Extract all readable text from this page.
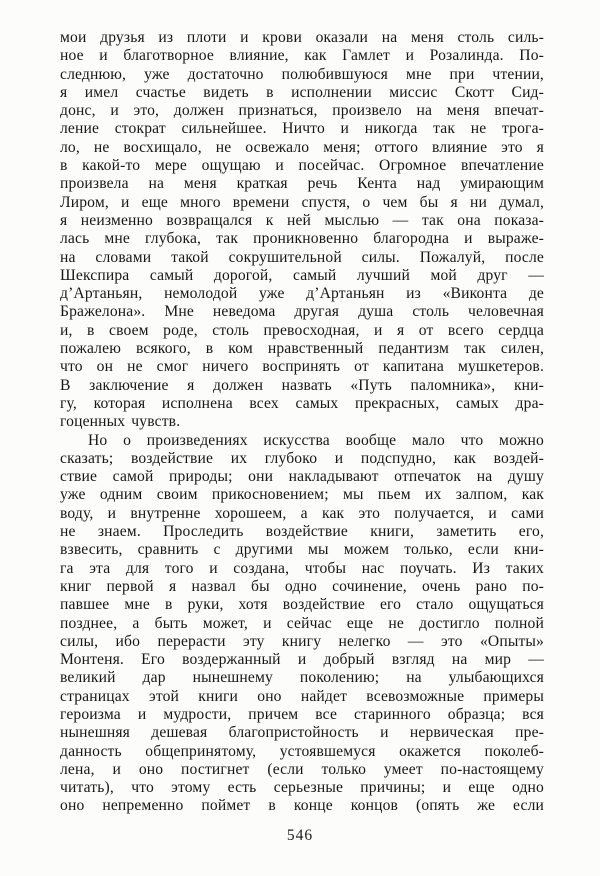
мои друзья из плоти и крови оказали на меня столь силь-
ное и благотворное влияние, как Гамлет и Розалинда. По-
следнюю, уже достаточно полюбившуюся мне при чтении,
я имел счастье видеть в исполнении миссис Скотт Сид-
донс, и это, должен признаться, произвело на меня впечат-
ление стократ сильнейшее. Ничто и никогда так не трога-
ло, не восхищало, не освежало меня; оттого влияние это я
в какой-то мере ощущаю и посейчас. Огромное впечатление
произвела на меня краткая речь Кента над умирающим
Лиром, и еще много времени спустя, о чем бы я ни думал,
я неизменно возвращался к ней мыслью — так она показа-
лась мне глубока, так проникновенно благородна и выраже-
на словами такой сокрушительной силы. Пожалуй, после
Шекспира самый дорогой, самый лучший мой друг —
д’Артаньян, немолодой уже д’Артаньян из «Виконта де
Бражелона». Мне неведома другая душа столь человечная
и, в своем роде, столь превосходная, и я от всего сердца
пожалею всякого, в ком нравственный педантизм так силен,
что он не смог ничего воспринять от капитана мушкетеров.
В заключение я должен назвать «Путь паломника», кни-
гу, которая исполнена всех самых прекрасных, самых дра-
гоценных чувств.
Но о произведениях искусства вообще мало что можно
сказать; воздействие их глубоко и подспудно, как воздей-
ствие самой природы; они накладывают отпечаток на душу
уже одним своим прикосновением; мы пьем их залпом, как
воду, и внутренне хорошеем, а как это получается, и сами
не знаем. Проследить воздействие книги, заметить его,
взвесить, сравнить с другими мы можем только, если кни-
га эта для того и создана, чтобы нас поучать. Из таких
книг первой я назвал бы одно сочинение, очень рано по-
павшее мне в руки, хотя воздействие его стало ощущаться
позднее, а быть может, и сейчас еще не достигло полной
силы, ибо перерасти эту книгу нелегко — это «Опыты»
Монтеня. Его воздержанный и добрый взгляд на мир —
великий дар нынешнему поколению; на улыбающихся
страницах этой книги оно найдет всевозможные примеры
героизма и мудрости, причем все старинного образца; вся
нынешняя дешевая благопристойность и нервическая пре-
данность общепринятому, устоявшемуся окажется поколеб-
лена, и оно постигнет (если только умеет по-настоящему
читать), что этому есть серьезные причины; и еще одно
оно непременно поймет в конце концов (опять же если
546
